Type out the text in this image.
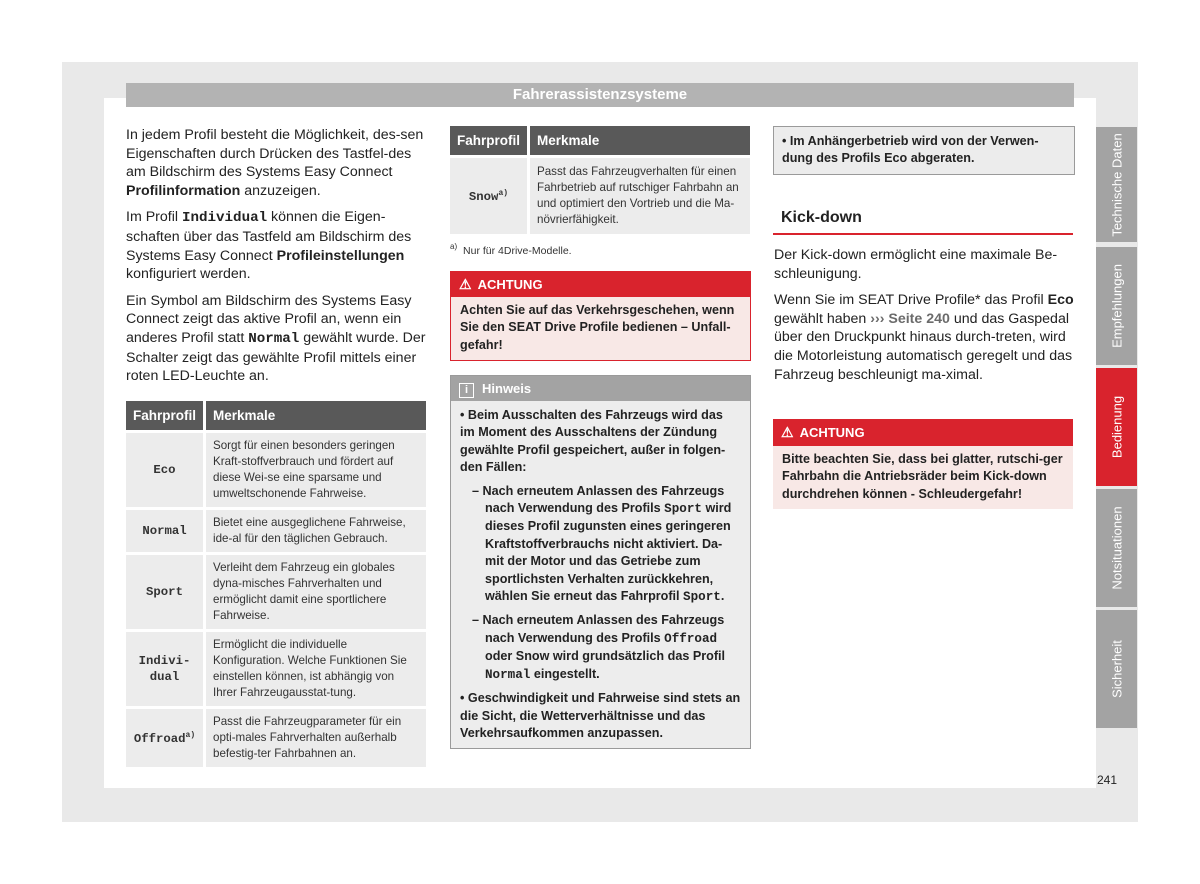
Fahrerassistenzsysteme

In jedem Profil besteht die Möglichkeit, des-sen Eigenschaften durch Drücken des Tastfel-des am Bildschirm des Systems Easy Connect Profilinformation anzuzeigen.

Im Profil Individual können die Eigen-schaften über das Tastfeld am Bildschirm des Systems Easy Connect Profileinstellungen konfiguriert werden.

Ein Symbol am Bildschirm des Systems Easy Connect zeigt das aktive Profil an, wenn ein anderes Profil statt Normal gewählt wurde. Der Schalter zeigt das gewählte Profil mittels einer roten LED-Leuchte an.

Fahrprofil	Merkmale
Eco	Sorgt für einen besonders geringen Kraft-stoffverbrauch und fördert auf diese Wei-se eine sparsame und umweltschonende Fahrweise.
Normal	Bietet eine ausgeglichene Fahrweise, ide-al für den täglichen Gebrauch.
Sport	Verleiht dem Fahrzeug ein globales dyna-misches Fahrverhalten und ermöglicht damit eine sportlichere Fahrweise.
Indivi-dual	Ermöglicht die individuelle Konfiguration. Welche Funktionen Sie einstellen können, ist abhängig von Ihrer Fahrzeugausstat-tung.
Offroad$^{a)}$	Passt die Fahrzeugparameter für ein opti-males Fahrverhalten außerhalb befestig-ter Fahrbahnen an.
Fahrprofil	Merkmale
Snow$^{a)}$	Passt das Fahrzeugverhalten für einen Fahrbetrieb auf rutschiger Fahrbahn an und optimiert den Vortrieb und die Ma-növrierfähigkeit.
$^{a)}$ Nur für 4Drive-Modelle.
⚠ ACHTUNG
Achten Sie auf das Verkehrsgeschehen, wenn Sie den SEAT Drive Profile bedienen – Unfall-gefahr!
i Hinweis

• Beim Ausschalten des Fahrzeugs wird das im Moment des Ausschaltens der Zündung gewählte Profil gespeichert, außer in folgen-den Fällen:

– Nach erneutem Anlassen des Fahrzeugs nach Verwendung des Profils Sport wird dieses Profil zugunsten eines geringeren Kraftstoffverbrauchs nicht aktiviert. Da-mit der Motor und das Getriebe zum sportlichsten Verhalten zurückkehren, wählen Sie erneut das Fahrprofil Sport.

– Nach erneutem Anlassen des Fahrzeugs nach Verwendung des Profils Offroad oder Snow wird grundsätzlich das Profil Normal eingestellt.

• Geschwindigkeit und Fahrweise sind stets an die Sicht, die Wetterverhältnisse und das Verkehrsaufkommen anzupassen.

• Im Anhängerbetrieb wird von der Verwen-dung des Profils Eco abgeraten.
Kick-down

Der Kick-down ermöglicht eine maximale Be-schleunigung.

Wenn Sie im SEAT Drive Profile* das Profil Eco gewählt haben ››› Seite 240 und das Gaspedal über den Druckpunkt hinaus durch-treten, wird die Motorleistung automatisch geregelt und das Fahrzeug beschleunigt ma-ximal.

⚠ ACHTUNG
Bitte beachten Sie, dass bei glatter, rutschi-ger Fahrbahn die Antriebsräder beim Kick-down durchdrehen können - Schleudergefahr!
Technische Daten
Empfehlungen
Bedienung
Notsituationen
Sicherheit
241
